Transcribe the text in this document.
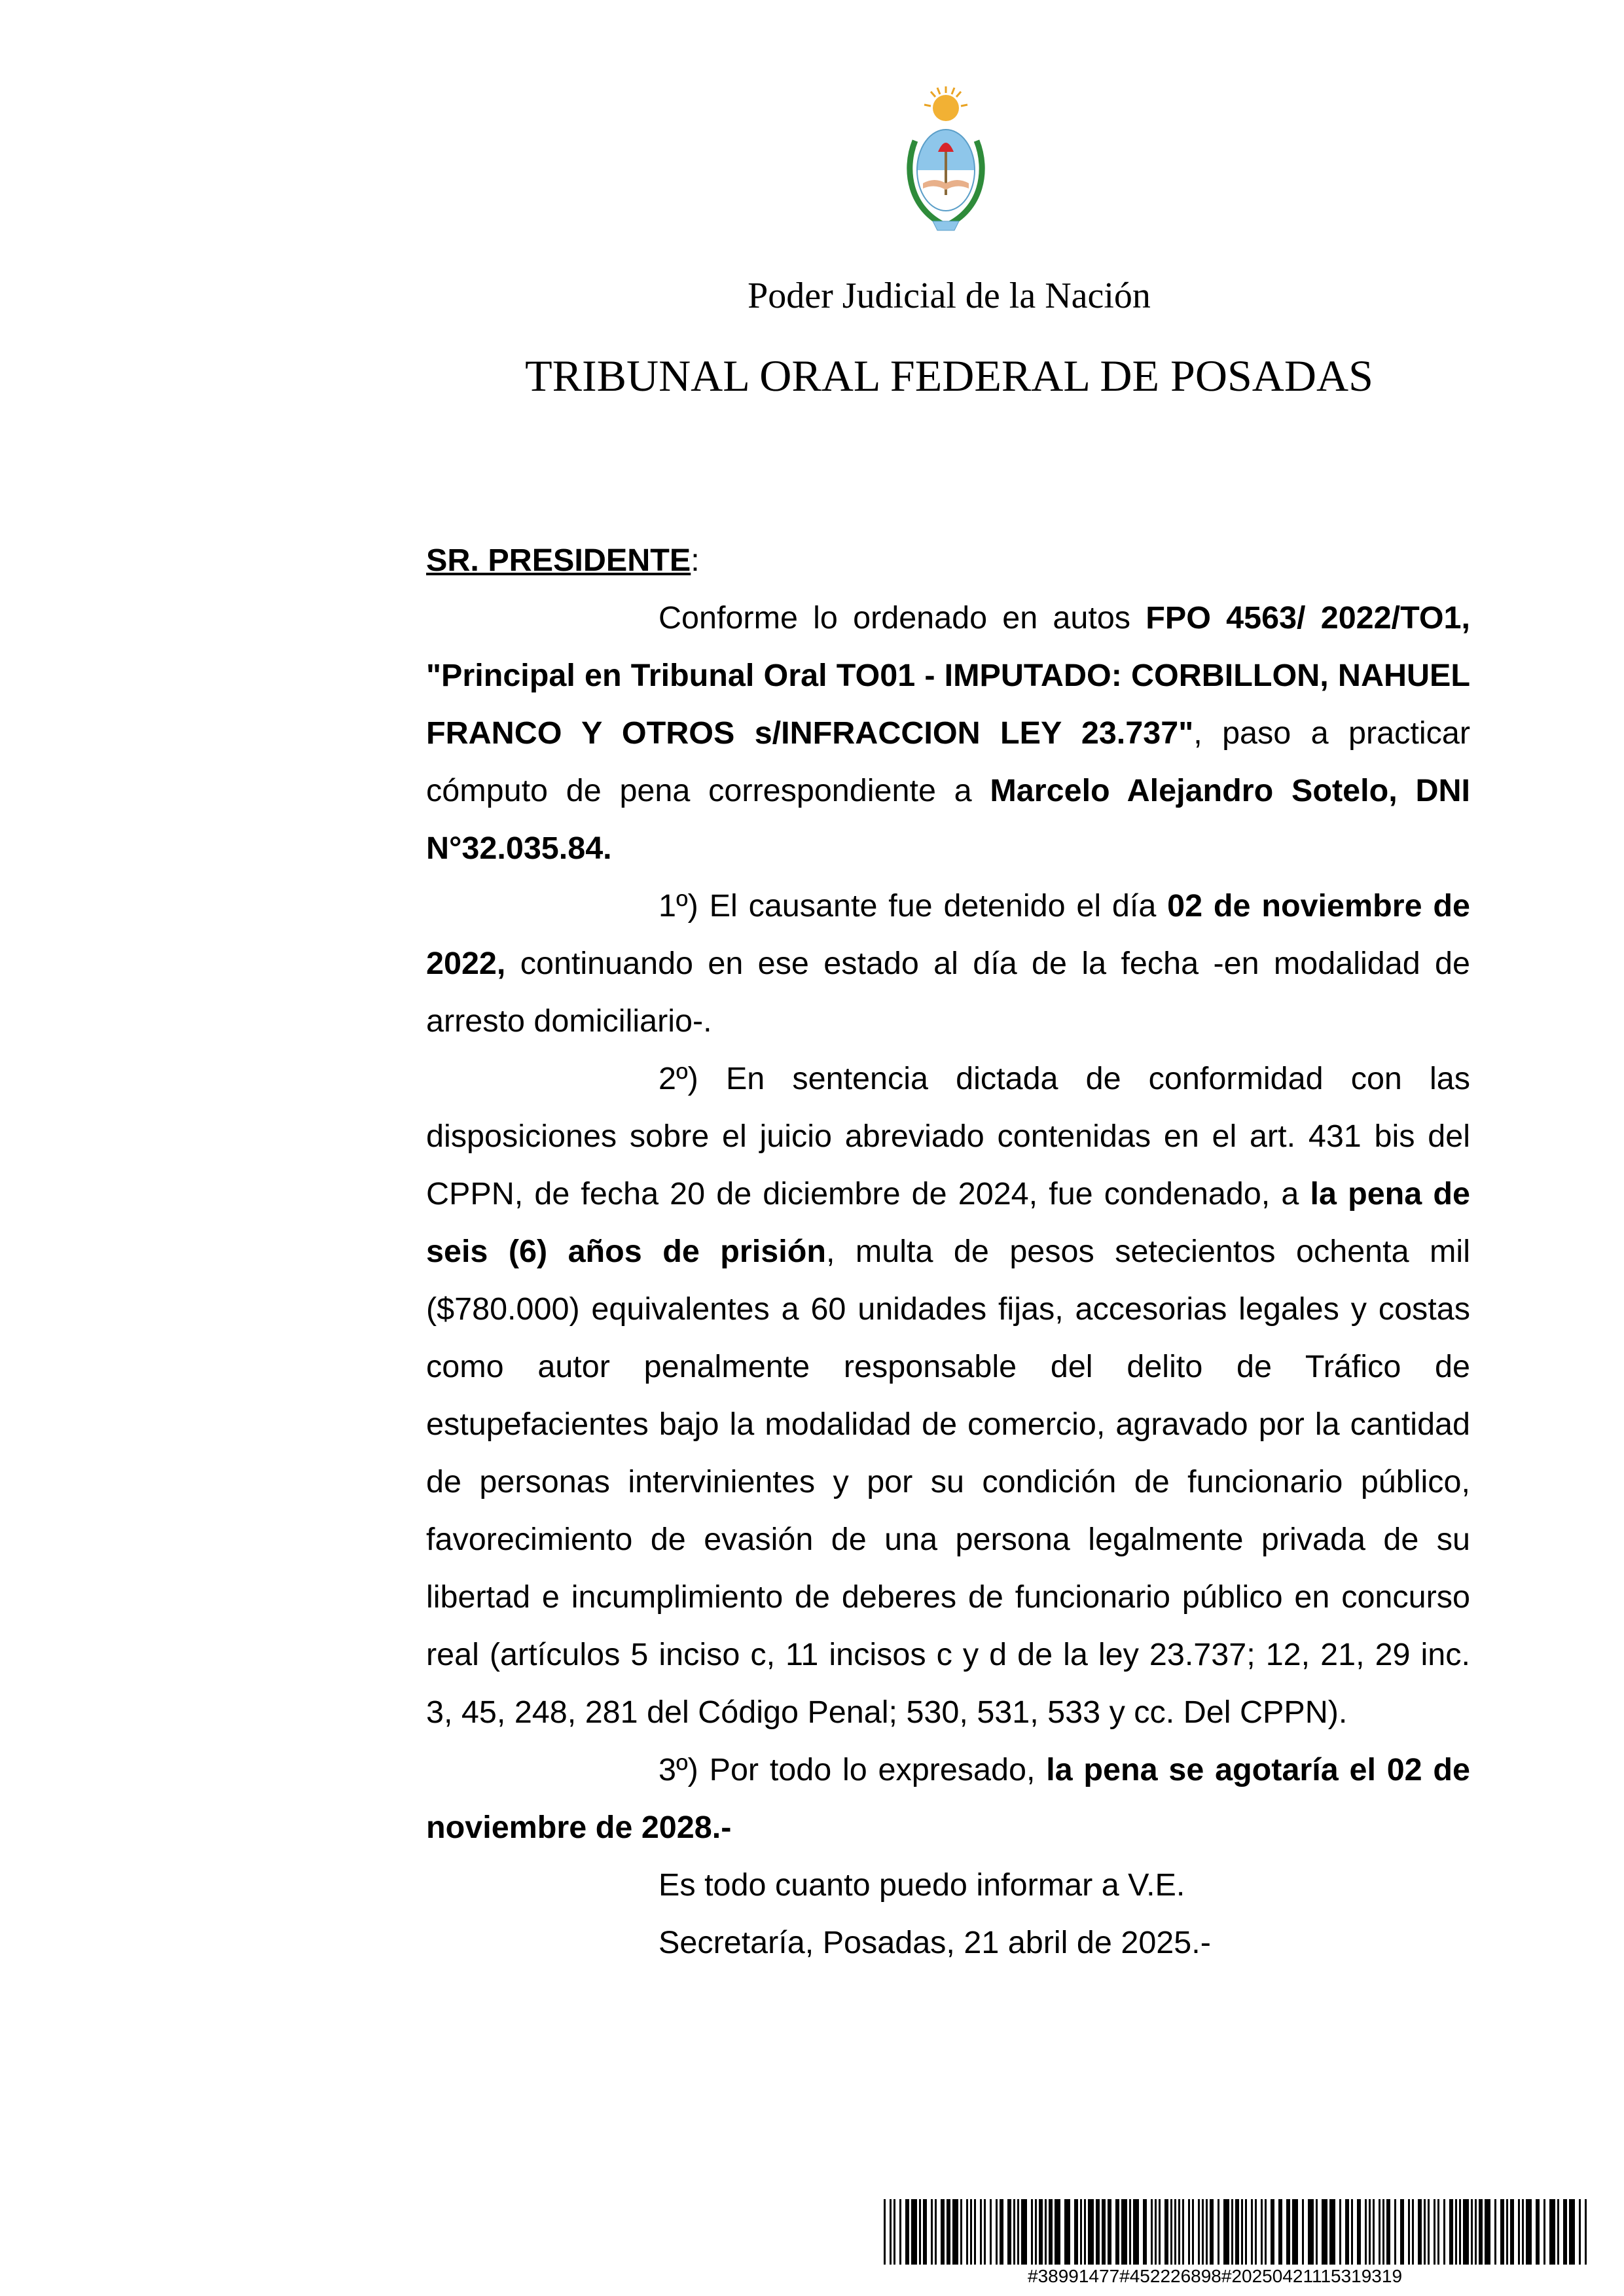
Poder Judicial de la Nación
TRIBUNAL ORAL FEDERAL DE POSADAS

SR. PRESIDENTE:

Conforme lo ordenado en autos FPO 4563/ 2022/TO1, "Principal en Tribunal Oral TO01 - IMPUTADO: CORBILLON, NAHUEL FRANCO Y OTROS s/INFRACCION LEY 23.737", paso a practicar cómputo de pena correspondiente a Marcelo Alejandro Sotelo, DNI N°32.035.84.

1º) El causante fue detenido el día 02 de noviembre de 2022, continuando en ese estado al día de la fecha -en modalidad de arresto domiciliario-.

2º) En sentencia dictada de conformidad con las disposiciones sobre el juicio abreviado contenidas en el art. 431 bis del CPPN, de fecha 20 de diciembre de 2024, fue condenado, a la pena de seis (6) años de prisión, multa de pesos setecientos ochenta mil ($780.000) equivalentes a 60 unidades fijas, accesorias legales y costas como autor penalmente responsable del delito de Tráfico de estupefacientes bajo la modalidad de comercio, agravado por la cantidad de personas intervinientes y por su condición de funcionario público, favorecimiento de evasión de una persona legalmente privada de su libertad e incumplimiento de deberes de funcionario público en concurso real (artículos 5 inciso c, 11 incisos c y d de la ley 23.737; 12, 21, 29 inc. 3, 45, 248, 281 del Código Penal; 530, 531, 533 y cc. Del CPPN).

3º) Por todo lo expresado, la pena se agotaría el 02 de noviembre de 2028.-

Es todo cuanto puedo informar a V.E.

Secretaría, Posadas, 21 abril de 2025.-

#38991477#452226898#20250421115319319
